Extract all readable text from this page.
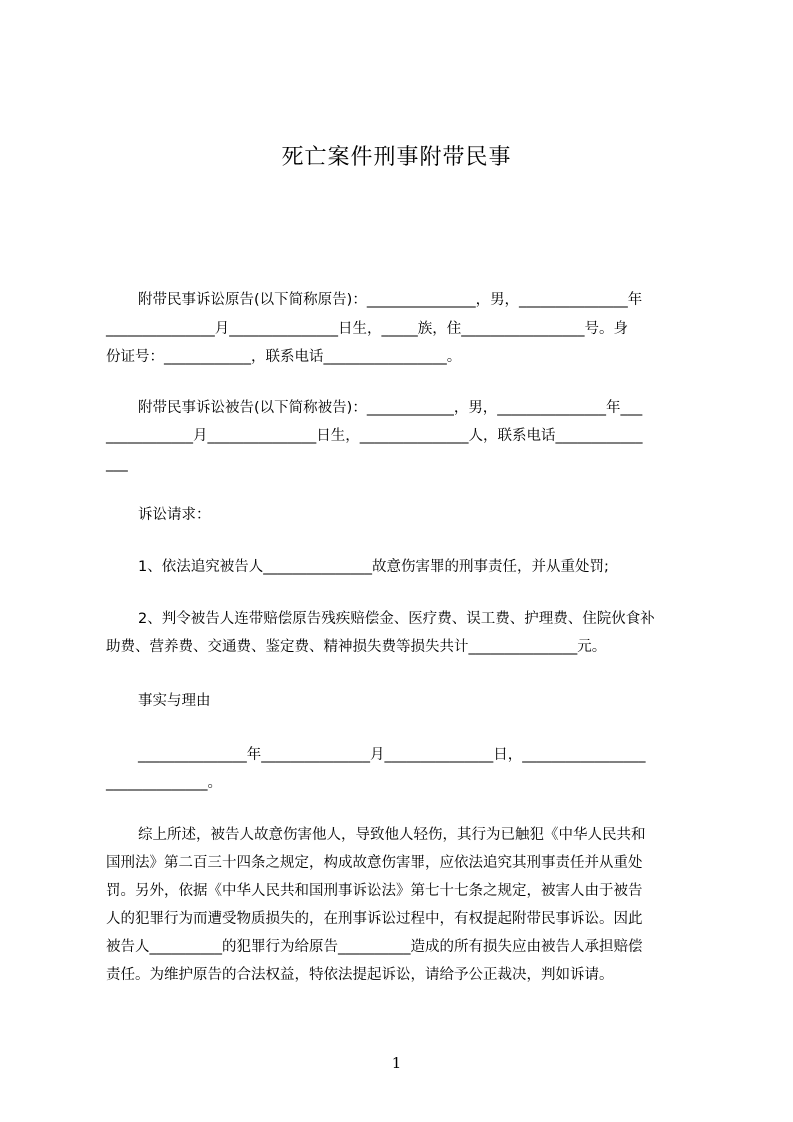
死亡案件刑事附带民事
附带民事诉讼原告(以下简称原告)：_______________，男，_______________年
_______________月_______________日生，_____族，住_________________号。身
份证号：____________，联系电话_________________。
附带民事诉讼被告(以下简称被告)：____________，男，_______________年___
____________月_______________日生，_______________人，联系电话____________
___
诉讼请求：
1、依法追究被告人_______________故意伤害罪的刑事责任，并从重处罚;
2、判令被告人连带赔偿原告残疾赔偿金、医疗费、误工费、护理费、住院伙食补
助费、营养费、交通费、鉴定费、精神损失费等损失共计_______________元。
事实与理由
_______________年_______________月_______________日，_________________
______________。
综上所述，被告人故意伤害他人，导致他人轻伤，其行为已触犯《中华人民共和
国刑法》第二百三十四条之规定，构成故意伤害罪，应依法追究其刑事责任并从重处
罚。另外，依据《中华人民共和国刑事诉讼法》第七十七条之规定，被害人由于被告
人的犯罪行为而遭受物质损失的，在刑事诉讼过程中，有权提起附带民事诉讼。因此
被告人__________的犯罪行为给原告__________造成的所有损失应由被告人承担赔偿
责任。为维护原告的合法权益，特依法提起诉讼，请给予公正裁决，判如诉请。
1
